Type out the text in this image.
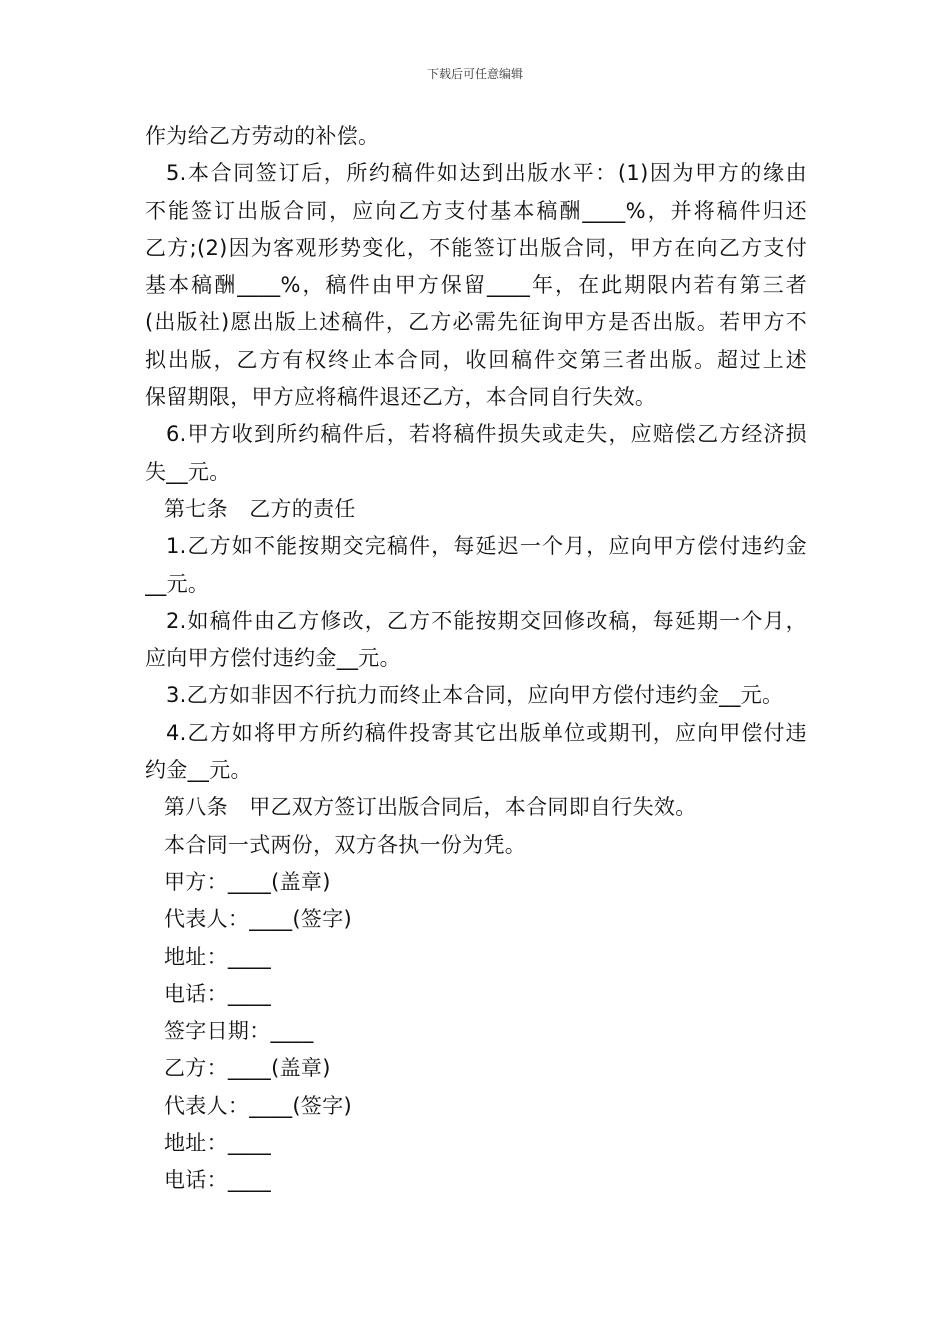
下载后可任意编辑
作为给乙方劳动的补偿。
5.本合同签订后，所约稿件如达到出版水平：(1)因为甲方的缘由
不能签订出版合同，应向乙方支付基本稿酬____%，并将稿件归还
乙方;(2)因为客观形势变化，不能签订出版合同，甲方在向乙方支付
基本稿酬____%，稿件由甲方保留____年，在此期限内若有第三者
(出版社)愿出版上述稿件，乙方必需先征询甲方是否出版。若甲方不
拟出版，乙方有权终止本合同，收回稿件交第三者出版。超过上述
保留期限，甲方应将稿件退还乙方，本合同自行失效。
6.甲方收到所约稿件后，若将稿件损失或走失，应赔偿乙方经济损
失__元。
第七条　乙方的责任
1.乙方如不能按期交完稿件，每延迟一个月，应向甲方偿付违约金
__元。
2.如稿件由乙方修改，乙方不能按期交回修改稿，每延期一个月，
应向甲方偿付违约金__元。
3.乙方如非因不行抗力而终止本合同，应向甲方偿付违约金__元。
4.乙方如将甲方所约稿件投寄其它出版单位或期刊，应向甲偿付违
约金__元。
第八条　甲乙双方签订出版合同后，本合同即自行失效。
本合同一式两份，双方各执一份为凭。
甲方：____(盖章)
代表人：____(签字)
地址：____
电话：____
签字日期：____
乙方：____(盖章)
代表人：____(签字)
地址：____
电话：____
